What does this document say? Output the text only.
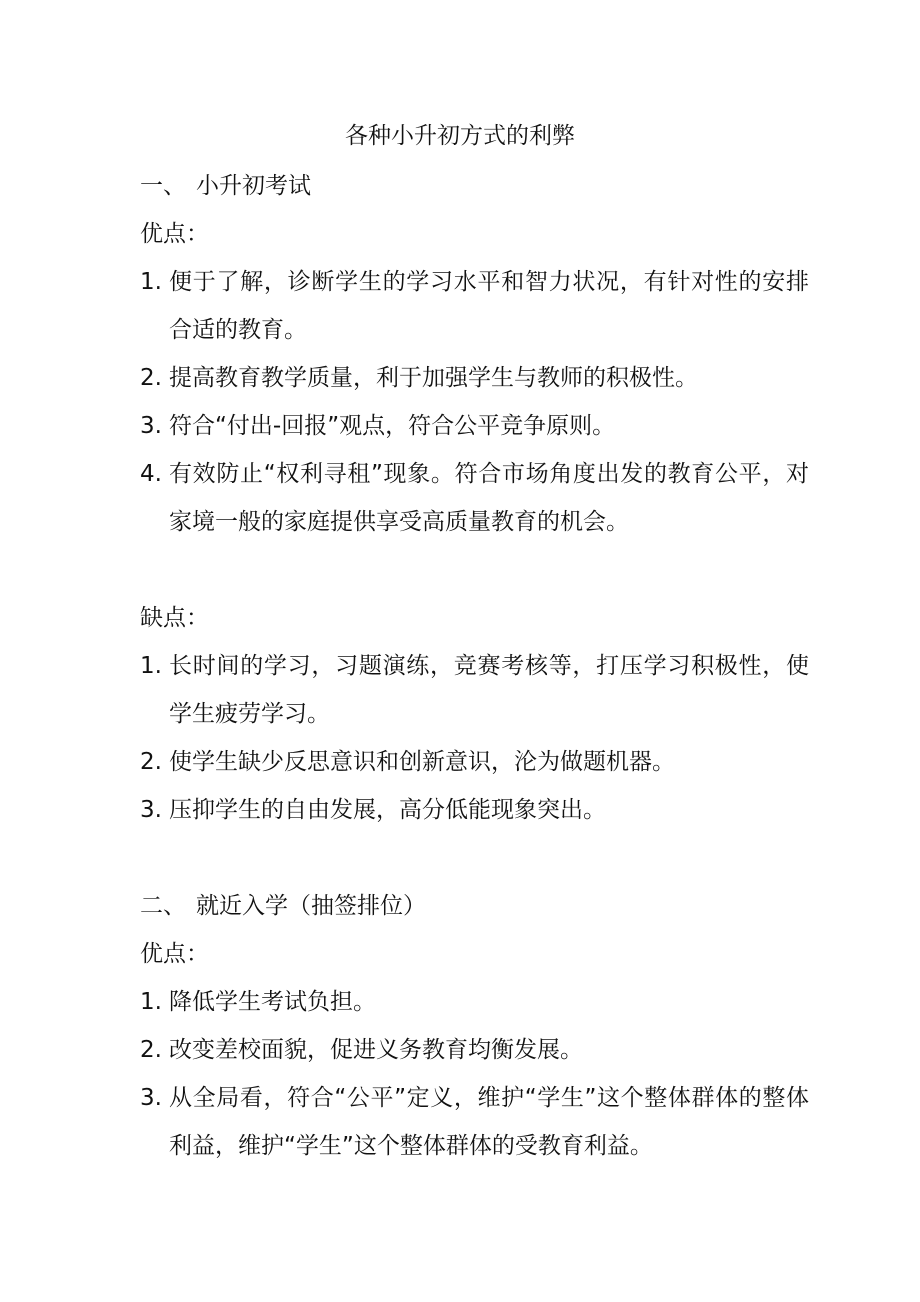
各种小升初方式的利弊
一、 小升初考试
优点：
1. 便于了解，诊断学生的学习水平和智力状况，有针对性的安排合适的教育。
2. 提高教育教学质量，利于加强学生与教师的积极性。
3. 符合“付出-回报”观点，符合公平竞争原则。
4. 有效防止“权利寻租”现象。符合市场角度出发的教育公平，对家境一般的家庭提供享受高质量教育的机会。
缺点：
1. 长时间的学习，习题演练，竞赛考核等，打压学习积极性，使学生疲劳学习。
2. 使学生缺少反思意识和创新意识，沦为做题机器。
3. 压抑学生的自由发展，高分低能现象突出。
二、 就近入学（抽签排位）
优点：
1. 降低学生考试负担。
2. 改变差校面貌，促进义务教育均衡发展。
3. 从全局看，符合“公平”定义，维护“学生”这个整体群体的整体利益，维护“学生”这个整体群体的受教育利益。
